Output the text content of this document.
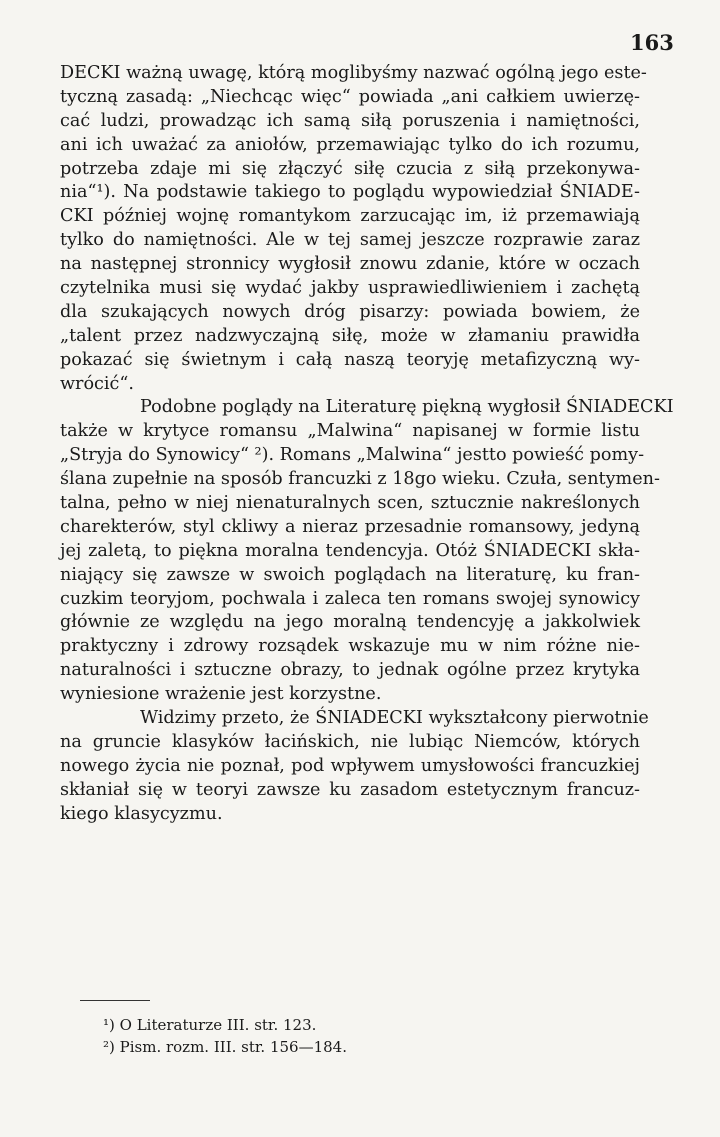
163
DECKI ważną uwagę, którą moglibyśmy nazwać ogólną jego este-
tyczną zasadą: „Niechcąc więc“ powiada „ani całkiem uwierzę-
cać ludzi, prowadząc ich samą siłą poruszenia i namiętności,
ani ich uważać za aniołów, przemawiając tylko do ich rozumu,
potrzeba zdaje mi się złączyć siłę czucia z siłą przekonywa-
nia“¹). Na podstawie takiego to poglądu wypowiedział ŚNIADE-
CKI później wojnę romantykom zarzucając im, iż przemawiają
tylko do namiętności. Ale w tej samej jeszcze rozprawie zaraz
na następnej stronnicy wygłosił znowu zdanie, które w oczach
czytelnika musi się wydać jakby usprawiedliwieniem i zachętą
dla szukających nowych dróg pisarzy: powiada bowiem, że
„talent przez nadzwyczajną siłę, może w złamaniu prawidła
pokazać się świetnym i całą naszą teoryję metafizyczną wy-
wrócić“.
Podobne poglądy na Literaturę piękną wygłosił ŚNIADECKI
także w krytyce romansu „Malwina“ napisanej w formie listu
„Stryja do Synowicy“ ²). Romans „Malwina“ jestto powieść pomy-
ślana zupełnie na sposób francuzki z 18go wieku. Czuła, sentymen-
talna, pełno w niej nienaturalnych scen, sztucznie nakreślonych
charekterów, styl ckliwy a nieraz przesadnie romansowy, jedyną
jej zaletą, to piękna moralna tendencyja. Otóż ŚNIADECKI skła-
niający się zawsze w swoich poglądach na literaturę, ku fran-
cuzkim teoryjom, pochwala i zaleca ten romans swojej synowicy
głównie ze względu na jego moralną tendencyję a jakkolwiek
praktyczny i zdrowy rozsądek wskazuje mu w nim różne nie-
naturalności i sztuczne obrazy, to jednak ogólne przez krytyka
wyniesione wrażenie jest korzystne.
Widzimy przeto, że ŚNIADECKI wykształcony pierwotnie
na gruncie klasyków łacińskich, nie lubiąc Niemców, których
nowego życia nie poznał, pod wpływem umysłowości francuzkiej
skłaniał się w teoryi zawsze ku zasadom estetycznym francuz-
kiego klasycyzmu.
¹) O Literaturze III. str. 123.
²) Pism. rozm. III. str. 156—184.
